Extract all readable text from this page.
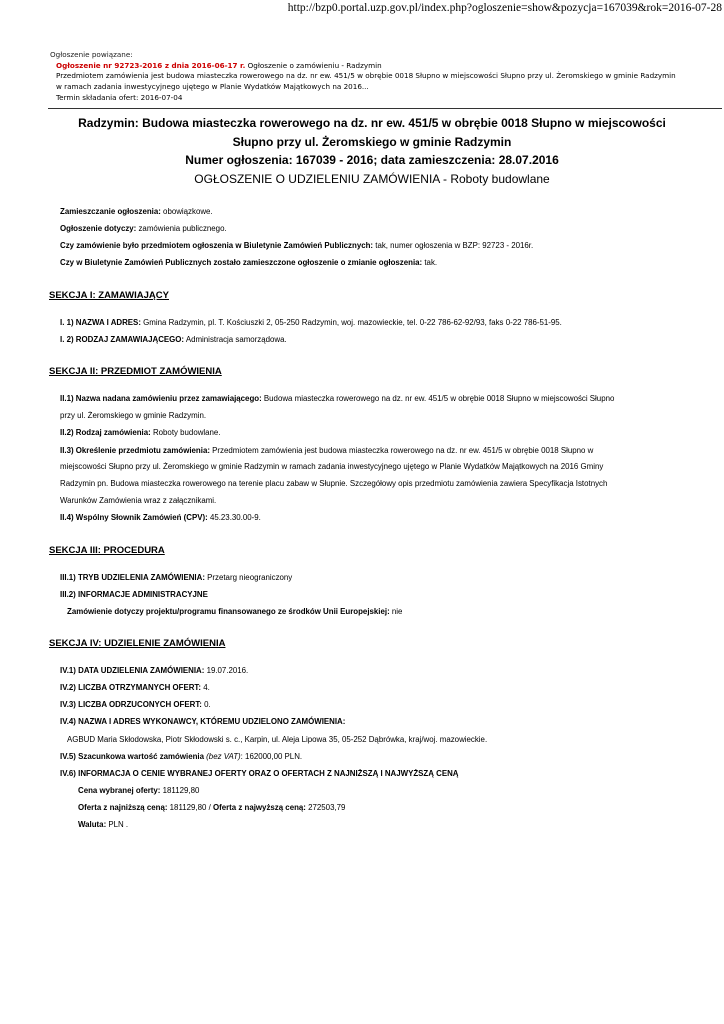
http://bzp0.portal.uzp.gov.pl/index.php?ogloszenie=show&pozycja=167039&rok=2016-07-28
Ogłoszenie powiązane:
Ogłoszenie nr 92723-2016 z dnia 2016-06-17 r. Ogłoszenie o zamówieniu - Radzymin
Przedmiotem zamówienia jest budowa miasteczka rowerowego na dz. nr ew. 451/5 w obrębie 0018 Słupno w miejscowości Słupno przy ul. Żeromskiego w gminie Radzymin
w ramach zadania inwestycyjnego ujętego w Planie Wydatków Majątkowych na 2016...
Termin składania ofert: 2016-07-04
Radzymin: Budowa miasteczka rowerowego na dz. nr ew. 451/5 w obrębie 0018 Słupno w miejscowości
Słupno przy ul. Żeromskiego w gminie Radzymin
Numer ogłoszenia: 167039 - 2016; data zamieszczenia: 28.07.2016
OGŁOSZENIE O UDZIELENIU ZAMÓWIENIA - Roboty budowlane
Zamieszczanie ogłoszenia: obowiązkowe.
Ogłoszenie dotyczy: zamówienia publicznego.
Czy zamówienie było przedmiotem ogłoszenia w Biuletynie Zamówień Publicznych: tak, numer ogłoszenia w BZP: 92723 - 2016r.
Czy w Biuletynie Zamówień Publicznych zostało zamieszczone ogłoszenie o zmianie ogłoszenia: tak.
SEKCJA I: ZAMAWIAJĄCY
I. 1) NAZWA I ADRES: Gmina Radzymin, pl. T. Kościuszki 2, 05-250 Radzymin, woj. mazowieckie, tel. 0-22 786-62-92/93, faks 0-22 786-51-95.
I. 2) RODZAJ ZAMAWIAJĄCEGO: Administracja samorządowa.
SEKCJA II: PRZEDMIOT ZAMÓWIENIA
II.1) Nazwa nadana zamówieniu przez zamawiającego: Budowa miasteczka rowerowego na dz. nr ew. 451/5 w obrębie 0018 Słupno w miejscowości Słupno
przy ul. Żeromskiego w gminie Radzymin.
II.2) Rodzaj zamówienia: Roboty budowlane.
II.3) Określenie przedmiotu zamówienia: Przedmiotem zamówienia jest budowa miasteczka rowerowego na dz. nr ew. 451/5 w obrębie 0018 Słupno w
miejscowości Słupno przy ul. Żeromskiego w gminie Radzymin w ramach zadania inwestycyjnego ujętego w Planie Wydatków Majątkowych na 2016 Gminy
Radzymin pn. Budowa miasteczka rowerowego na terenie placu zabaw w Słupnie. Szczegółowy opis przedmiotu zamówienia zawiera Specyfikacja Istotnych
Warunków Zamówienia wraz z załącznikami.
II.4) Wspólny Słownik Zamówień (CPV): 45.23.30.00-9.
SEKCJA III: PROCEDURA
III.1) TRYB UDZIELENIA ZAMÓWIENIA: Przetarg nieograniczony
III.2) INFORMACJE ADMINISTRACYJNE
Zamówienie dotyczy projektu/programu finansowanego ze środków Unii Europejskiej: nie
SEKCJA IV: UDZIELENIE ZAMÓWIENIA
IV.1) DATA UDZIELENIA ZAMÓWIENIA: 19.07.2016.
IV.2) LICZBA OTRZYMANYCH OFERT: 4.
IV.3) LICZBA ODRZUCONYCH OFERT: 0.
IV.4) NAZWA I ADRES WYKONAWCY, KTÓREMU UDZIELONO ZAMÓWIENIA:
AGBUD Maria Skłodowska, Piotr Skłodowski s. c., Karpin, ul. Aleja Lipowa 35, 05-252 Dąbrówka, kraj/woj. mazowieckie.
IV.5) Szacunkowa wartość zamówienia (bez VAT): 162000,00 PLN.
IV.6) INFORMACJA O CENIE WYBRANEJ OFERTY ORAZ O OFERTACH Z NAJNIŻSZĄ I NAJWYŻSZĄ CENĄ
Cena wybranej oferty: 181129,80
Oferta z najniższą ceną: 181129,80 / Oferta z najwyższą ceną: 272503,79
Waluta: PLN .
